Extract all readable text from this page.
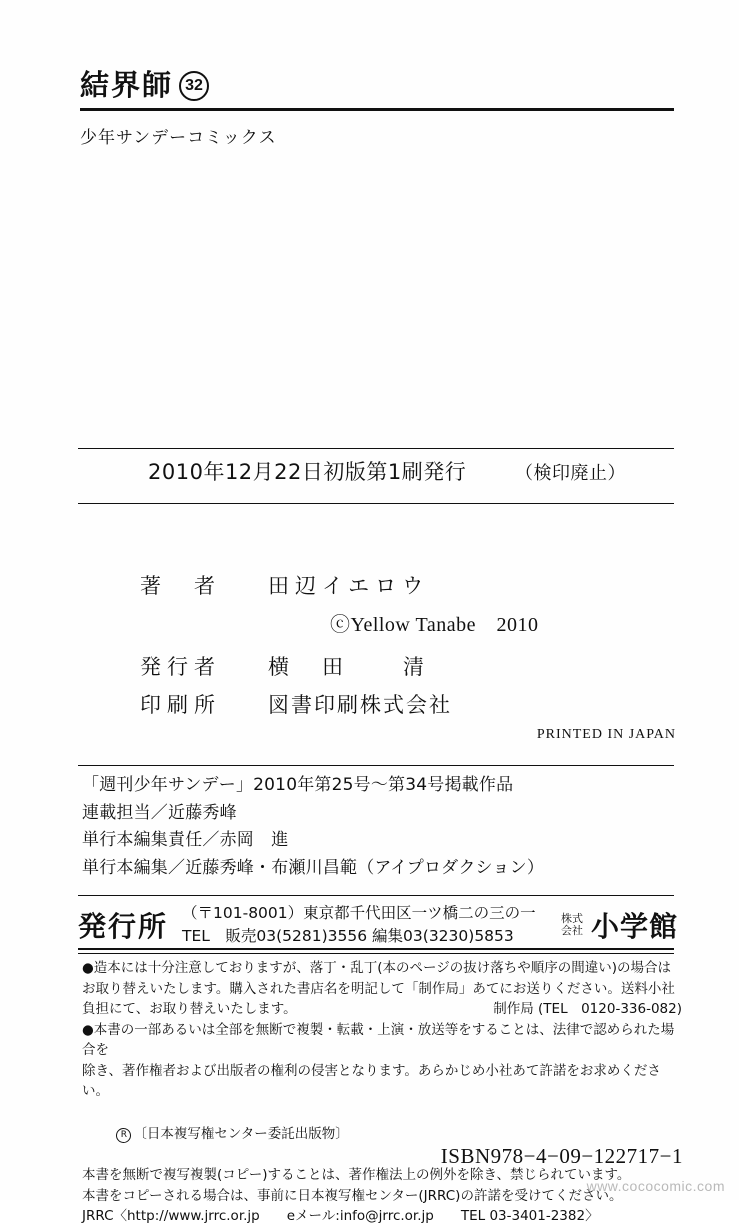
結界師 32
少年サンデーコミックス
2010年12月22日初版第1刷発行	（検印廃止）
著　者	田辺イエロウ
ⓒYellow Tanabe　2010
発行者	横　田　　清
印刷所	図書印刷株式会社
PRINTED IN JAPAN
「週刊少年サンデー」2010年第25号〜第34号掲載作品
連載担当／近藤秀峰
単行本編集責任／赤岡　進
単行本編集／近藤秀峰・布瀬川昌範（アイプロダクション）
発行所 （〒101-8001）東京都千代田区一ツ橋二の三の一
TEL　販売03(5281)3556 編集03(3230)5853
株式
会社 小学館
●造本には十分注意しておりますが、落丁・乱丁(本のページの抜け落ちや順序の間違い)の場合は
お取り替えいたします。購入された書店名を明記して「制作局」あてにお送りください。送料小社
負担にて、お取り替えいたします。	制作局 (TEL　0120-336-082)
●本書の一部あるいは全部を無断で複製・転載・上演・放送等をすることは、法律で認められた場合を
除き、著作権者および出版者の権利の侵害となります。あらかじめ小社あて許諾をお求めください。

R 〔日本複写権センター委託出版物〕

本書を無断で複写複製(コピー)することは、著作権法上の例外を除き、禁じられています。
本書をコピーされる場合は、事前に日本複写権センター(JRRC)の許諾を受けてください。
JRRC〈http://www.jrrc.or.jp　　eメール:info@jrrc.or.jp　　TEL 03-3401-2382〉
ISBN978−4−09−122717−1
www.cococomic.com
